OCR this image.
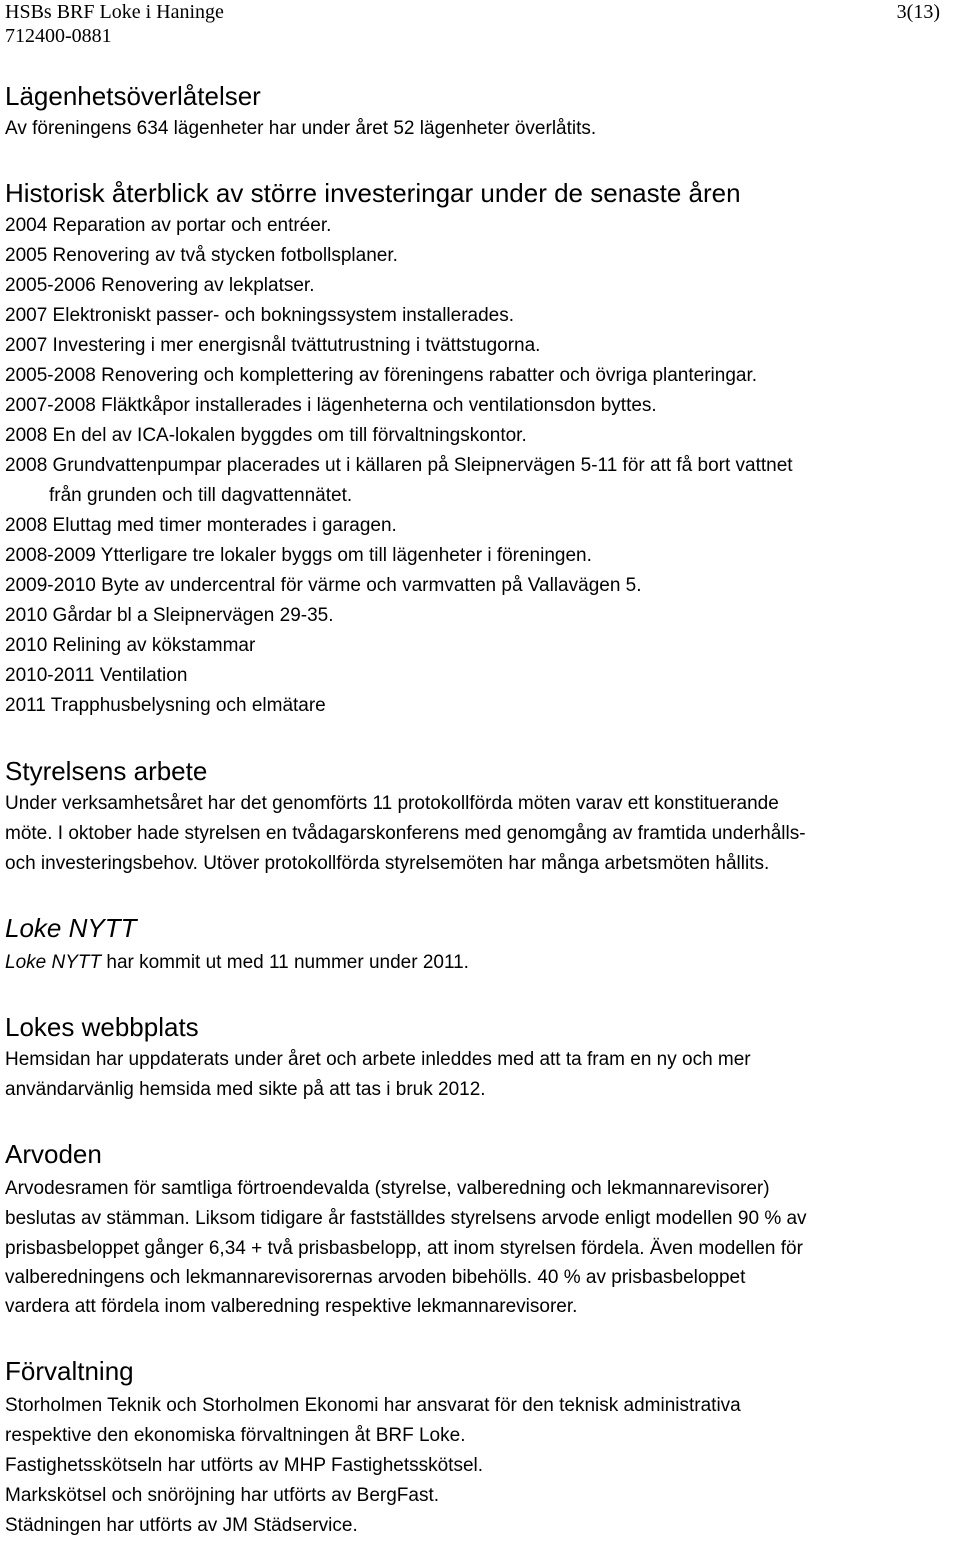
HSBs BRF Loke i Haninge
712400-0881
3(13)
Lägenhetsöverlåtelser
Av föreningens 634 lägenheter har under året 52 lägenheter överlåtits.
Historisk återblick av större investeringar under de senaste åren
2004 Reparation av portar och entréer.
2005 Renovering av två stycken fotbollsplaner.
2005-2006 Renovering av lekplatser.
2007 Elektroniskt passer- och bokningssystem installerades.
2007 Investering i mer energisnål tvättutrustning i tvättstugorna.
2005-2008 Renovering och komplettering av föreningens rabatter och övriga planteringar.
2007-2008 Fläktkåpor installerades i lägenheterna och ventilationsdon byttes.
2008 En del av ICA-lokalen byggdes om till förvaltningskontor.
2008 Grundvattenpumpar placerades ut i källaren på Sleipnervägen 5-11 för att få bort vattnet
från grunden och till dagvattennätet.
2008 Eluttag med timer monterades i garagen.
2008-2009 Ytterligare tre lokaler byggs om till lägenheter i föreningen.
2009-2010 Byte av undercentral för värme och varmvatten på Vallavägen 5.
2010 Gårdar bl a Sleipnervägen 29-35.
2010 Relining av kökstammar
2010-2011 Ventilation
2011 Trapphusbelysning och elmätare
Styrelsens arbete
Under verksamhetsåret har det genomförts 11 protokollförda möten varav ett konstituerande
möte. I oktober hade styrelsen en tvådagarskonferens med genomgång av framtida underhålls-
och investeringsbehov. Utöver protokollförda styrelsemöten har många arbetsmöten hållits.
Loke NYTT
Loke NYTT har kommit ut med 11 nummer under 2011.
Lokes webbplats
Hemsidan har uppdaterats under året och arbete inleddes med att ta fram en ny och mer
användarvänlig hemsida med sikte på att tas i bruk 2012.
Arvoden
Arvodesramen för samtliga förtroendevalda (styrelse, valberedning och lekmannarevisorer)
beslutas av stämman. Liksom tidigare år fastställdes styrelsens arvode enligt modellen 90 % av
prisbasbeloppet gånger 6,34 + två prisbasbelopp, att inom styrelsen fördela. Även modellen för
valberedningens och lekmannarevisorernas arvoden bibehölls. 40 % av prisbasbeloppet
vardera att fördela inom valberedning respektive lekmannarevisorer.
Förvaltning
Storholmen Teknik och Storholmen Ekonomi har ansvarat för den teknisk administrativa
respektive den ekonomiska förvaltningen åt BRF Loke.
Fastighetsskötseln har utförts av MHP Fastighetsskötsel.
Markskötsel och snöröjning har utförts av BergFast.
Städningen har utförts av JM Städservice.
